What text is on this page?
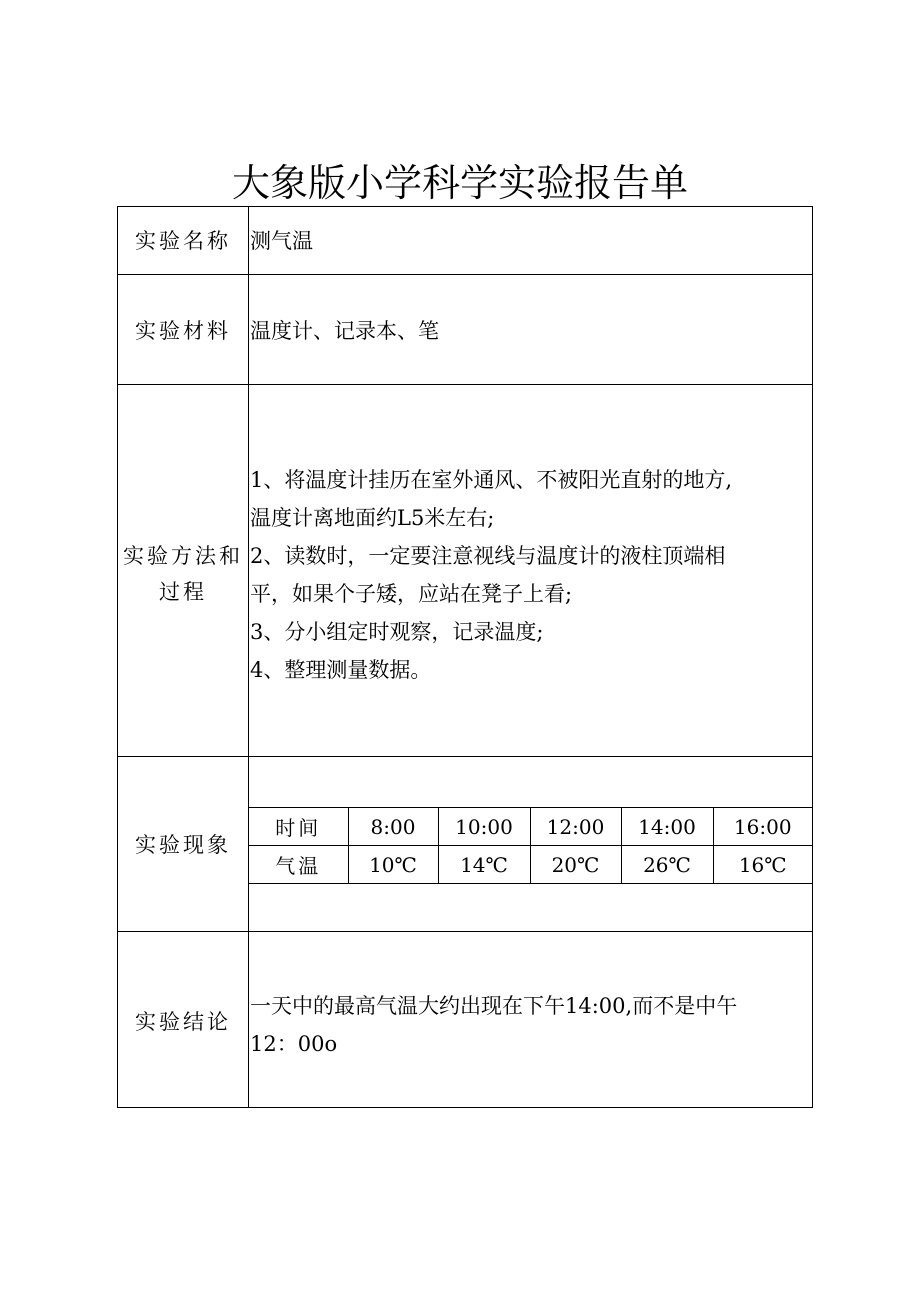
大象版小学科学实验报告单
实验名称 测气温
实验材料 温度计、记录本、笔
实验方法和
过程

1、将温度计挂历在室外通风、不被阳光直射的地方,

温度计离地面约L5米左右;

2、读数时，一定要注意视线与温度计的液柱顶端相

平，如果个子矮，应站在凳子上看;

3、分小组定时观察，记录温度;

4、整理测量数据。

实验现象
时间	8:00	10:00	12:00	14:00	16:00
气温	10℃	14℃	20℃	26℃	16℃
实验结论
一天中的最高气温大约出现在下午14:00,而不是中午
12：00o
